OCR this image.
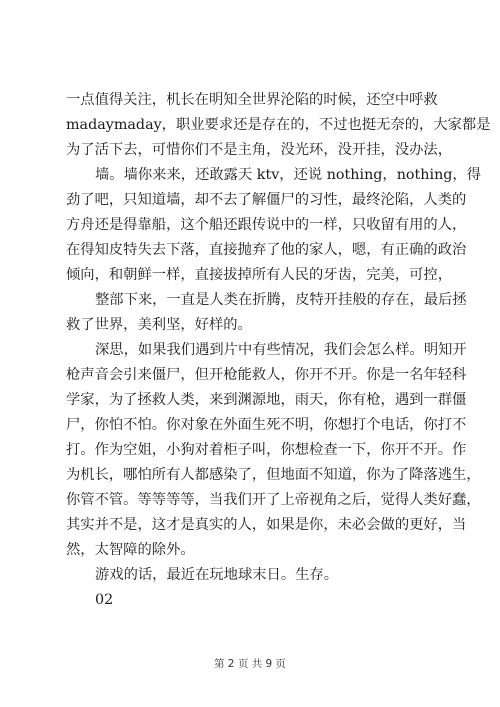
一点值得关注，机长在明知全世界沦陷的时候，还空中呼救
madaymaday，职业要求还是存在的，不过也挺无奈的，大家都是
为了活下去，可惜你们不是主角，没光环，没开挂，没办法，

墙。墙你来来，还敢露天 ktv，还说 nothing，nothing，得
劲了吧，只知道墙，却不去了解僵尸的习性，最终沦陷，人类的
方舟还是得靠船，这个船还跟传说中的一样，只收留有用的人，
在得知皮特失去下落，直接抛弃了他的家人，嗯，有正确的政治
倾向，和朝鲜一样，直接拔掉所有人民的牙齿，完美，可控，

整部下来，一直是人类在折腾，皮特开挂般的存在，最后拯
救了世界，美利坚，好样的。

深思，如果我们遇到片中有些情况，我们会怎么样。明知开
枪声音会引来僵尸，但开枪能救人，你开不开。你是一名年轻科
学家，为了拯救人类，来到渊源地，雨天，你有枪，遇到一群僵
尸，你怕不怕。你对象在外面生死不明，你想打个电话，你打不
打。作为空姐，小狗对着柜子叫，你想检查一下，你开不开。作
为机长，哪怕所有人都感染了，但地面不知道，你为了降落逃生，
你管不管。等等等等，当我们开了上帝视角之后，觉得人类好蠢，
其实并不是，这才是真实的人，如果是你，未必会做的更好，当
然，太智障的除外。

游戏的话，最近在玩地球末日。生存。

02

第 2 页 共 9 页
